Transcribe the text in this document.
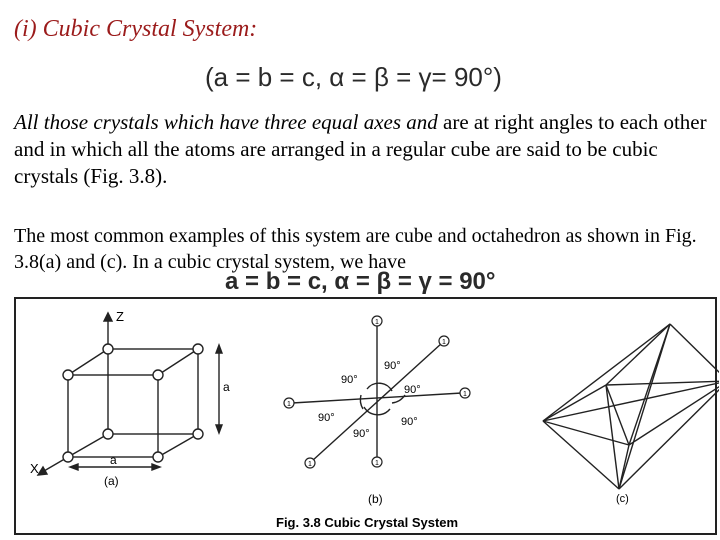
(i) Cubic Crystal System:
(a = b = c, α = β = γ= 90°)
All those crystals which have three equal axes and are at right angles to each other and in which all the atoms are arranged in a regular cube are said to be cubic crystals (Fig. 3.8).
The most common examples of this system are cube and octahedron as shown in Fig. 3.8(a) and (c). In a cubic crystal system, we have
a = b = c, α = β = γ = 90°
Z
X
a
a
(a)
1
1
1
1
1
1
90°
90°
90°
90°	90°
90°
(b)	(c)
Fig. 3.8 Cubic Crystal System
